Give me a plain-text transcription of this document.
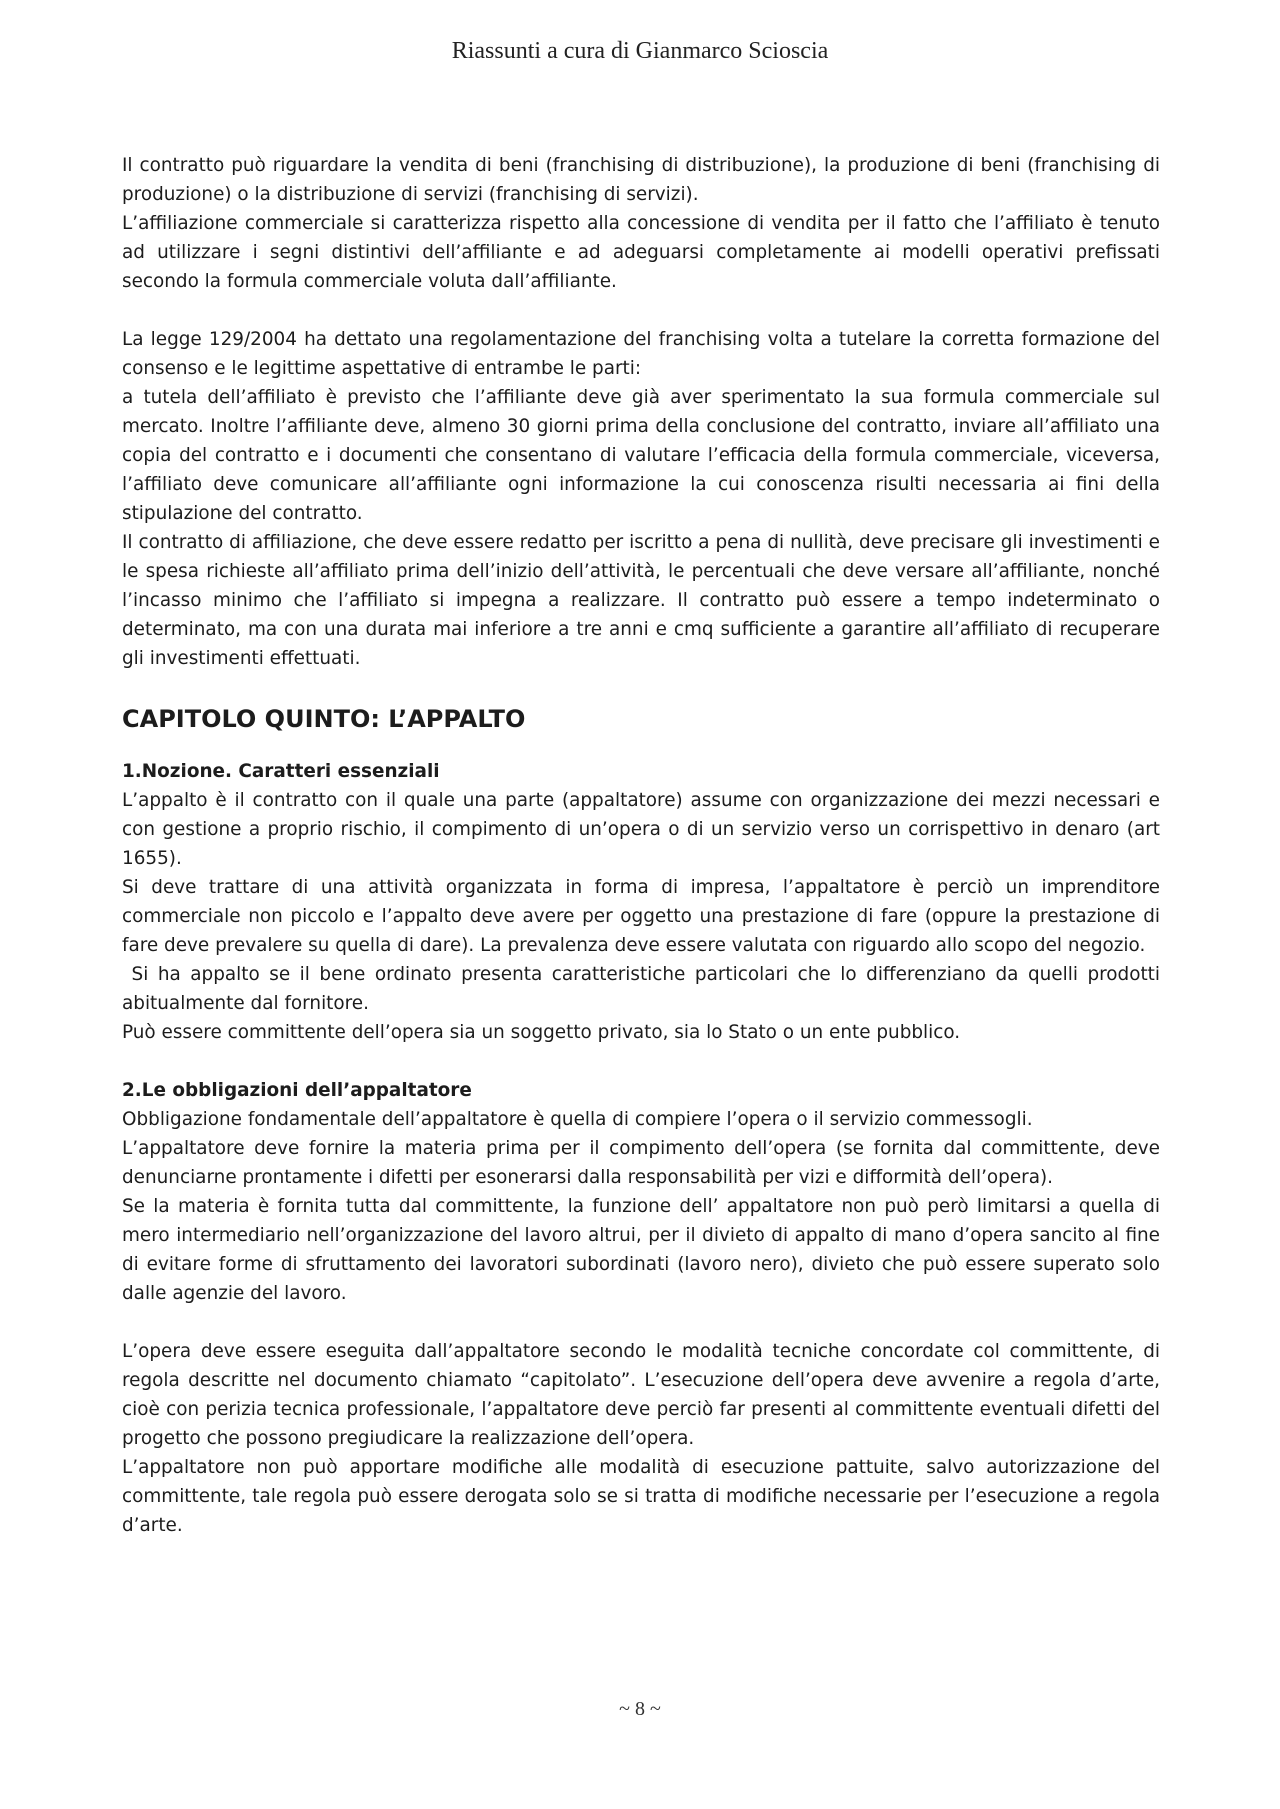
Riassunti a cura di Gianmarco Scioscia

Il contratto può riguardare la vendita di beni (franchising di distribuzione), la produzione di beni (franchising di produzione) o la distribuzione di servizi (franchising di servizi).

L’affiliazione commerciale si caratterizza rispetto alla concessione di vendita per il fatto che l’affiliato è tenuto ad utilizzare i segni distintivi dell’affiliante e ad adeguarsi completamente ai modelli operativi prefissati secondo la formula commerciale voluta dall’affiliante.

La legge 129/2004 ha dettato una regolamentazione del franchising volta a tutelare la corretta formazione del consenso e le legittime aspettative di entrambe le parti:

a tutela dell’affiliato è previsto che l’affiliante deve già aver sperimentato la sua formula commerciale sul mercato. Inoltre l’affiliante deve, almeno 30 giorni prima della conclusione del contratto, inviare all’affiliato una copia del contratto e i documenti che consentano di valutare l’efficacia della formula commerciale, viceversa, l’affiliato deve comunicare all’affiliante ogni informazione la cui conoscenza risulti necessaria ai fini della stipulazione del contratto.

Il contratto di affiliazione, che deve essere redatto per iscritto a pena di nullità, deve precisare gli investimenti e le spesa richieste all’affiliato prima dell’inizio dell’attività, le percentuali che deve versare all’affiliante, nonché l’incasso minimo che l’affiliato si impegna a realizzare. Il contratto può essere a tempo indeterminato o determinato, ma con una durata mai inferiore a tre anni e cmq sufficiente a garantire all’affiliato di recuperare gli investimenti effettuati.

CAPITOLO QUINTO: L’APPALTO

1.Nozione. Caratteri essenziali

L’appalto è il contratto con il quale una parte (appaltatore) assume con organizzazione dei mezzi necessari e con gestione a proprio rischio, il compimento di un’opera o di un servizio verso un corrispettivo in denaro (art 1655).

Si deve trattare di una attività organizzata in forma di impresa, l’appaltatore è perciò un imprenditore commerciale non piccolo e l’appalto deve avere per oggetto una prestazione di fare (oppure la prestazione di fare deve prevalere su quella di dare). La prevalenza deve essere valutata con riguardo allo scopo del negozio.

Si ha appalto se il bene ordinato presenta caratteristiche particolari che lo differenziano da quelli prodotti abitualmente dal fornitore.

Può essere committente dell’opera sia un soggetto privato, sia lo Stato o un ente pubblico.

2.Le obbligazioni dell’appaltatore

Obbligazione fondamentale dell’appaltatore è quella di compiere l’opera o il servizio commessogli.

L’appaltatore deve fornire la materia prima per il compimento dell’opera (se fornita dal committente, deve denunciarne prontamente i difetti per esonerarsi dalla responsabilità per vizi e difformità dell’opera).

Se la materia è fornita tutta dal committente, la funzione dell’ appaltatore non può però limitarsi a quella di mero intermediario nell’organizzazione del lavoro altrui, per il divieto di appalto di mano d’opera sancito al fine di evitare forme di sfruttamento dei lavoratori subordinati (lavoro nero), divieto che può essere superato solo dalle agenzie del lavoro.

L’opera deve essere eseguita dall’appaltatore secondo le modalità tecniche concordate col committente, di regola descritte nel documento chiamato “capitolato”. L’esecuzione dell’opera deve avvenire a regola d’arte, cioè con perizia tecnica professionale, l’appaltatore deve perciò far presenti al committente eventuali difetti del progetto che possono pregiudicare la realizzazione dell’opera.

L’appaltatore non può apportare modifiche alle modalità di esecuzione pattuite, salvo autorizzazione del committente, tale regola può essere derogata solo se si tratta di modifiche necessarie per l’esecuzione a regola d’arte.

~ 8 ~
